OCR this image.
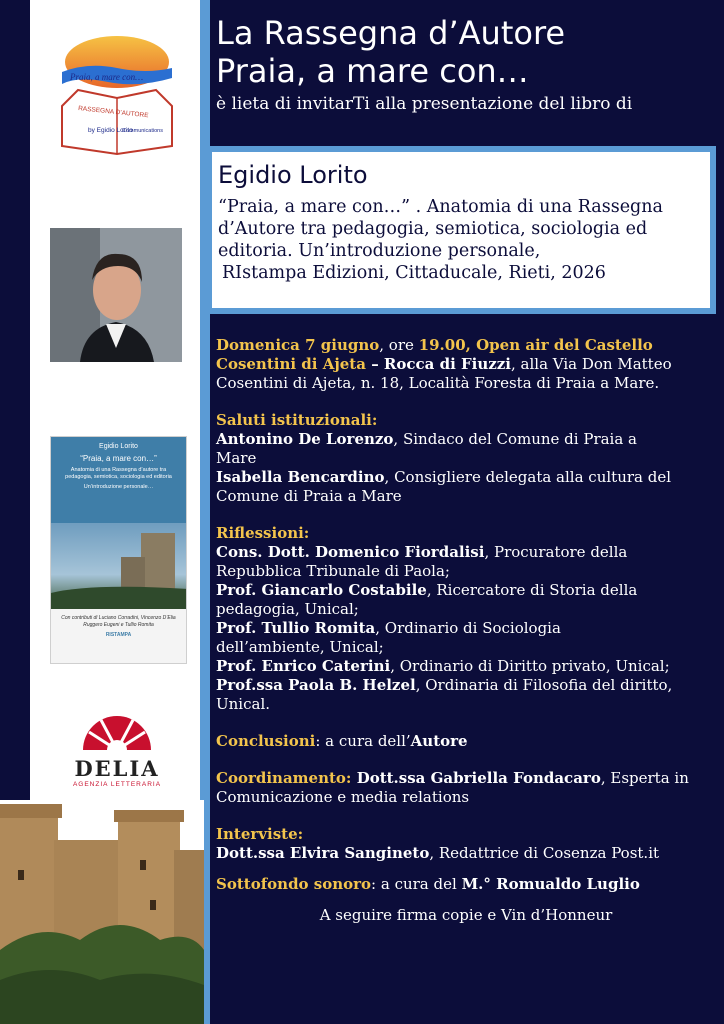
Praia, a mare con…
RASSEGNA D’AUTORE
by Egidio Lorito
Communications
Egidio Lorito
“Praia, a mare con…”
Anatomia di una Rassegna d’autore tra pedagogia, semiotica, sociologia ed editoria
Un’introduzione personale…
Con contributi di Luciano Corradini, Vincenzo D’Elia Ruggero Eugeni e Tullio Romita
RISTAMPA
DELIA
AGENZIA LETTERARIA
La Rassegna d’Autore
Praia, a mare con…
è lieta di invitarTi alla presentazione del libro di
Egidio Lorito
“Praia, a mare con…” . Anatomia di una Rassegna
d’Autore tra pedagogia, semiotica, sociologia ed
editoria. Un’introduzione personale,
RIstampa Edizioni, Cittaducale, Rieti, 2026
Domenica 7 giugno, ore 19.00, Open air del Castello
Cosentini di Ajeta – Rocca di Fiuzzi, alla Via Don Matteo
Cosentini di Ajeta, n. 18, Località Foresta di Praia a Mare.
Saluti istituzionali:
Antonino De Lorenzo, Sindaco del Comune di Praia a
Mare
Isabella Bencardino, Consigliere delegata alla cultura del
Comune di Praia a Mare
Riflessioni:
Cons. Dott. Domenico Fiordalisi, Procuratore della
Repubblica Tribunale di Paola;
Prof. Giancarlo Costabile, Ricercatore di Storia della
pedagogia, Unical;
Prof. Tullio Romita, Ordinario di Sociologia
dell’ambiente, Unical;
Prof. Enrico Caterini, Ordinario di Diritto privato, Unical;
Prof.ssa Paola B. Helzel, Ordinaria di Filosofia del diritto,
Unical.
Conclusioni: a cura dell’Autore
Coordinamento: Dott.ssa Gabriella Fondacaro, Esperta in
Comunicazione e media relations
Interviste:
Dott.ssa Elvira Sangineto, Redattrice di Cosenza Post.it
Sottofondo sonoro: a cura del M.° Romualdo Luglio
A seguire firma copie e Vin d’Honneur
